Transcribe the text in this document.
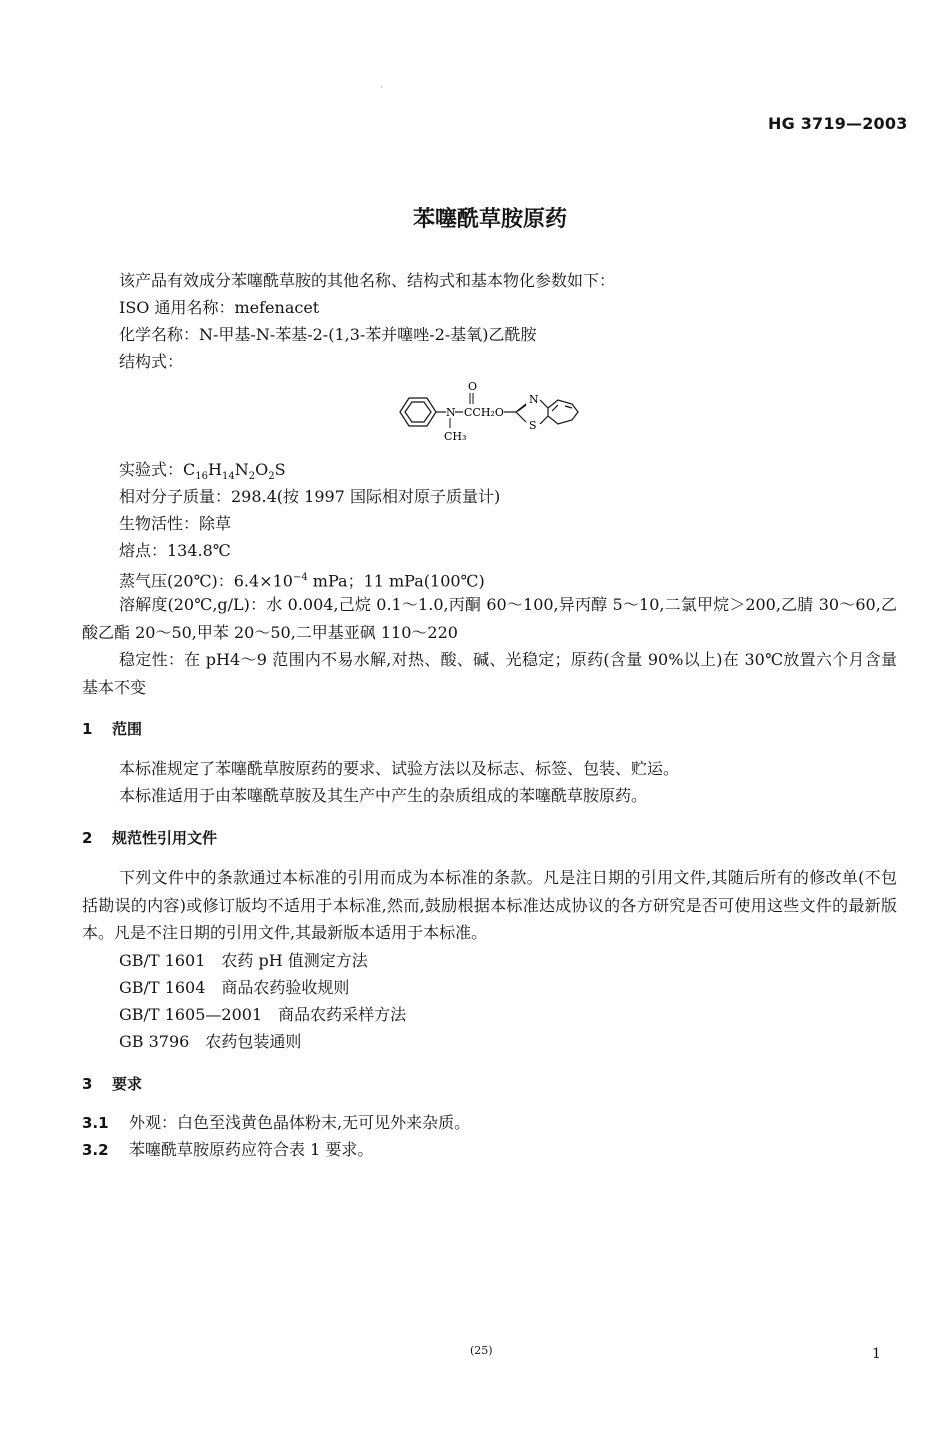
HG 3719—2003
·
苯噻酰草胺原药
该产品有效成分苯噻酰草胺的其他名称、结构式和基本物化参数如下：
ISO 通用名称：mefenacet
化学名称：N-甲基-N-苯基-2-(1,3-苯并噻唑-2-基氧)乙酰胺
结构式：
N
O
CCH₂O
CH₃
N
S
实验式：$C_{16}H_{14}N_2O_2S$
相对分子质量：298.4(按 1997 国际相对原子质量计)
生物活性：除草
熔点：134.8℃
蒸气压(20℃)：$6.4\times 10^{-4}$ mPa；11 mPa(100℃)
溶解度(20℃,g/L)：水 0.004,己烷 0.1～1.0,丙酮 60～100,异丙醇 5～10,二氯甲烷＞200,乙腈 30～60,乙酸乙酯 20～50,甲苯 20～50,二甲基亚砜 110～220
稳定性：在 pH4～9 范围内不易水解,对热、酸、碱、光稳定；原药(含量 90%以上)在 30℃放置六个月含量基本不变
1 范围
本标准规定了苯噻酰草胺原药的要求、试验方法以及标志、标签、包装、贮运。
本标准适用于由苯噻酰草胺及其生产中产生的杂质组成的苯噻酰草胺原药。
2 规范性引用文件
下列文件中的条款通过本标准的引用而成为本标准的条款。凡是注日期的引用文件,其随后所有的修改单(不包括勘误的内容)或修订版均不适用于本标准,然而,鼓励根据本标准达成协议的各方研究是否可使用这些文件的最新版本。凡是不注日期的引用文件,其最新版本适用于本标准。
GB/T 1601 农药 pH 值测定方法
GB/T 1604 商品农药验收规则
GB/T 1605—2001 商品农药采样方法
GB 3796 农药包装通则
3 要求
3.1 外观：白色至浅黄色晶体粉末,无可见外来杂质。
3.2 苯噻酰草胺原药应符合表 1 要求。
(25)	1
